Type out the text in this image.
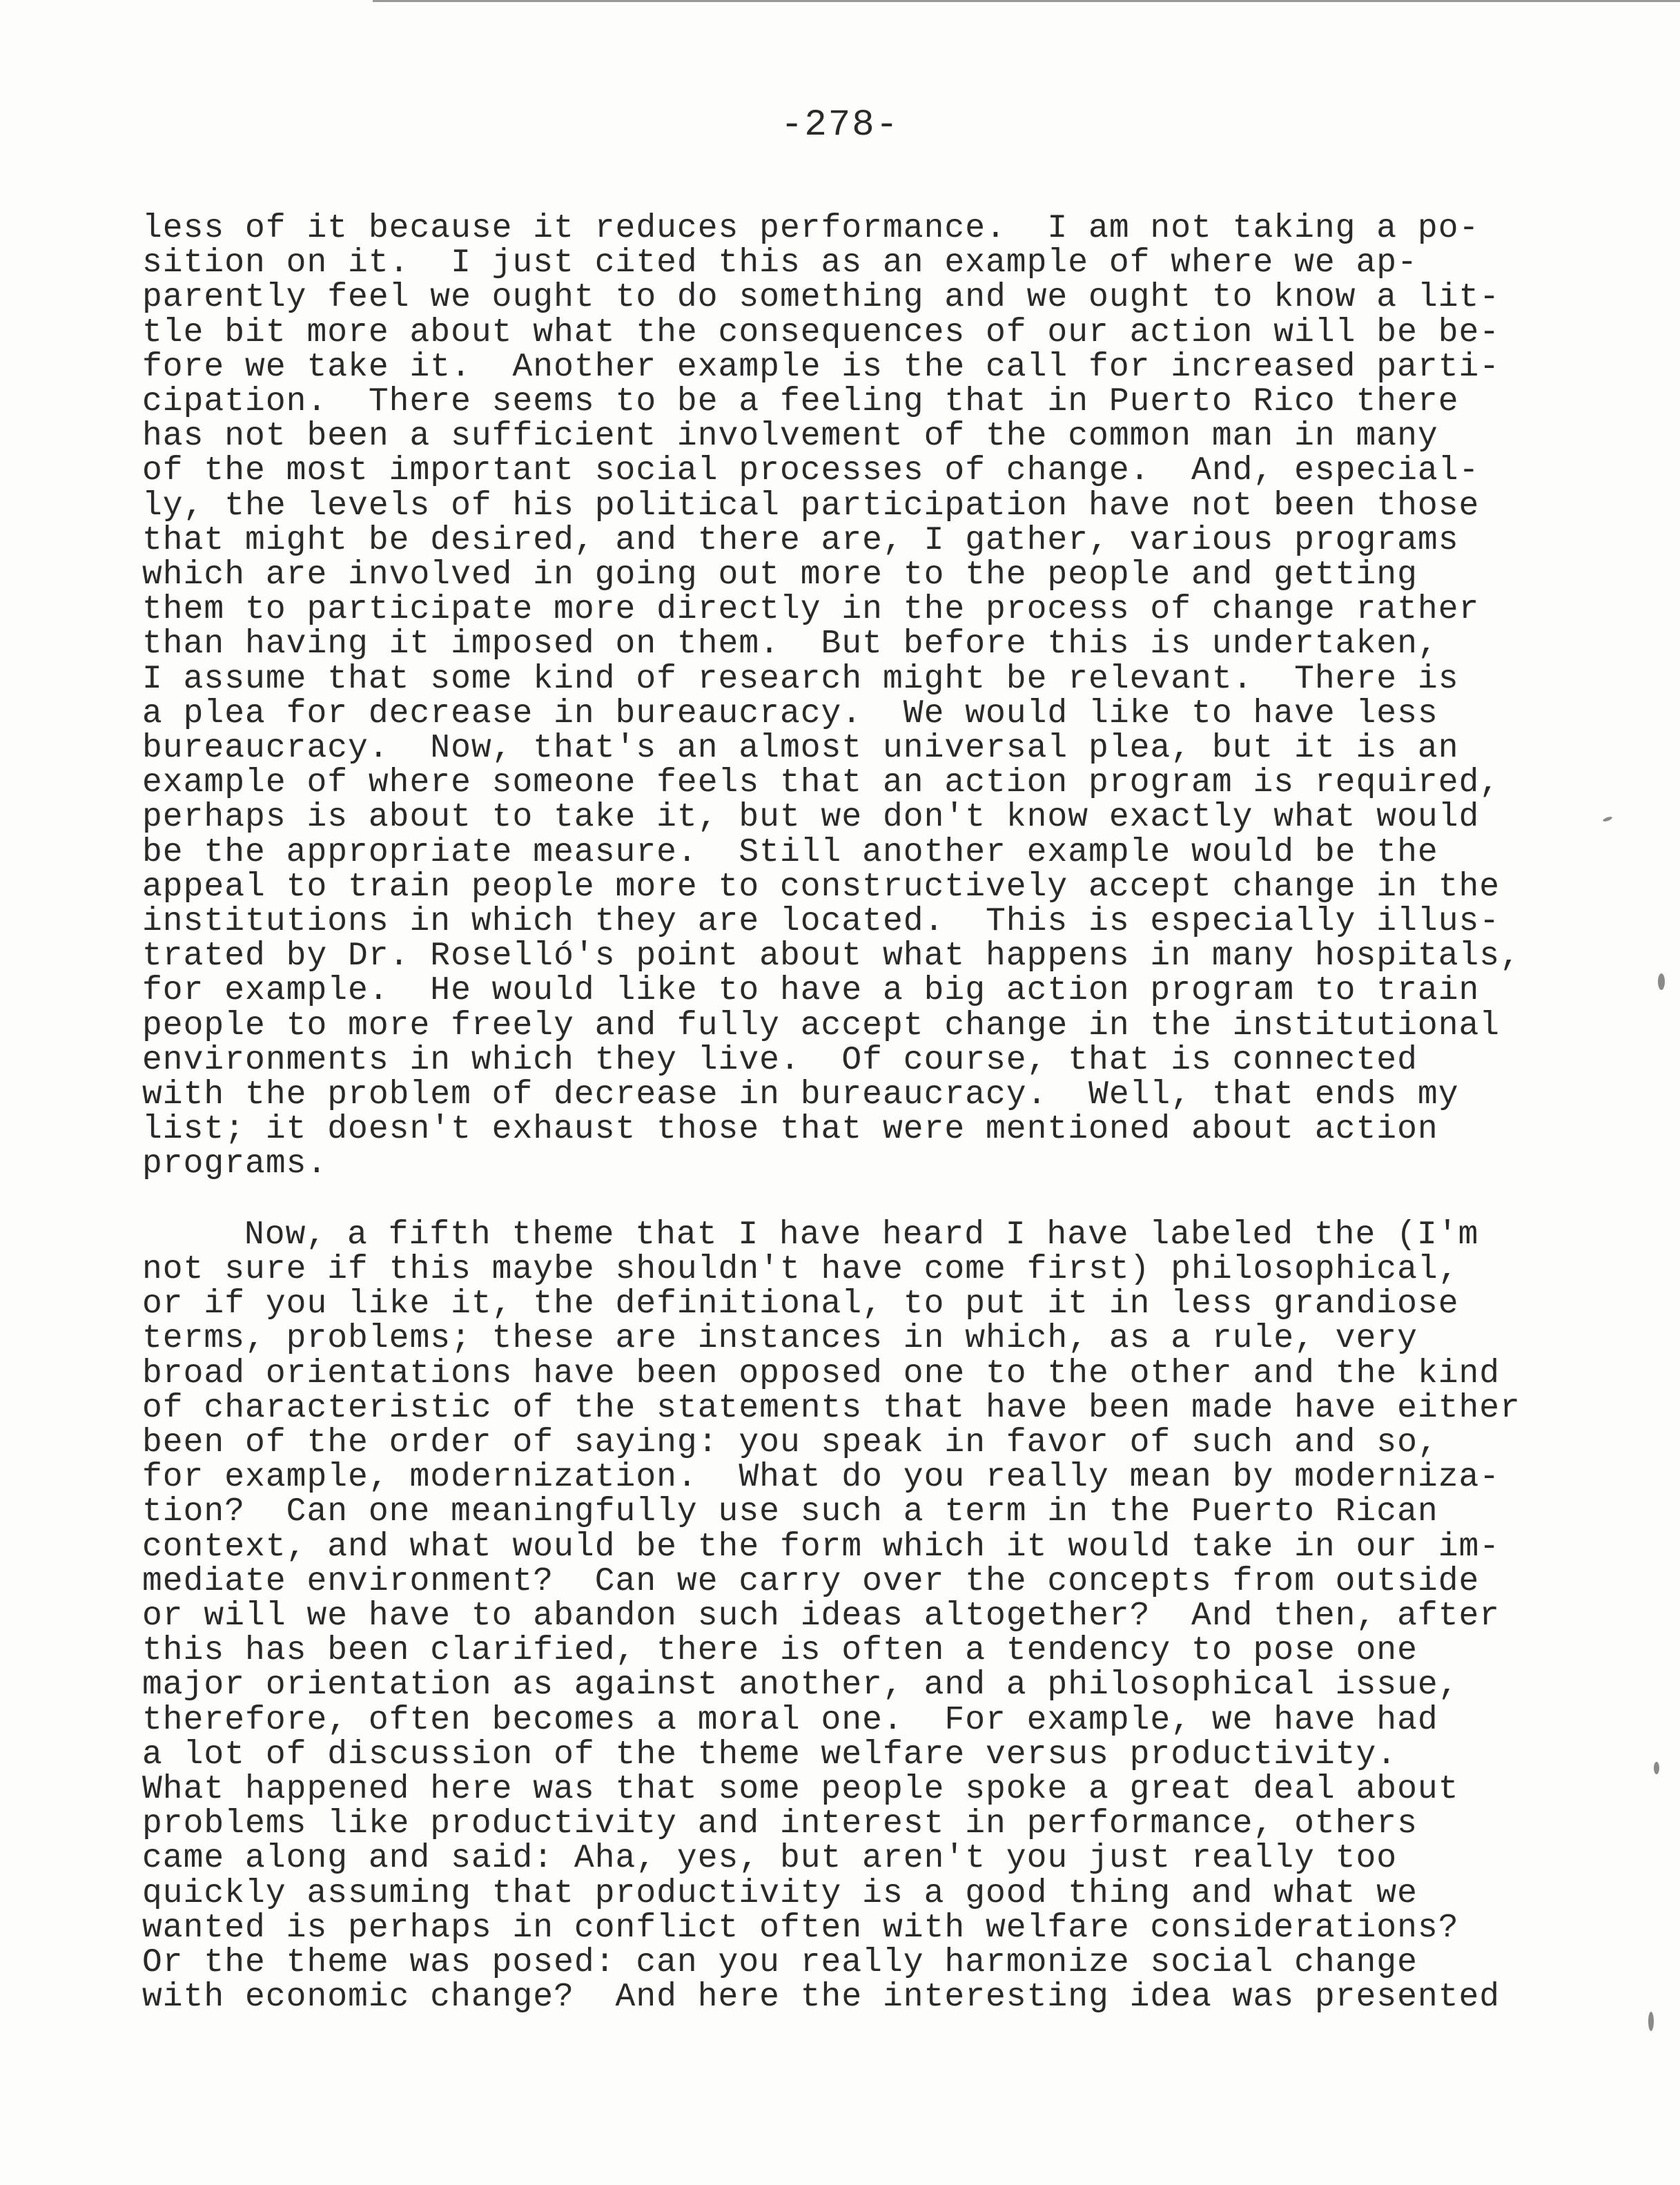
-278-
less of it because it reduces performance.  I am not taking a po-
sition on it.  I just cited this as an example of where we ap-
parently feel we ought to do something and we ought to know a lit-
tle bit more about what the consequences of our action will be be-
fore we take it.  Another example is the call for increased parti-
cipation.  There seems to be a feeling that in Puerto Rico there
has not been a sufficient involvement of the common man in many
of the most important social processes of change.  And, especial-
ly, the levels of his political participation have not been those
that might be desired, and there are, I gather, various programs
which are involved in going out more to the people and getting
them to participate more directly in the process of change rather
than having it imposed on them.  But before this is undertaken,
I assume that some kind of research might be relevant.  There is
a plea for decrease in bureaucracy.  We would like to have less
bureaucracy.  Now, that's an almost universal plea, but it is an
example of where someone feels that an action program is required,
perhaps is about to take it, but we don't know exactly what would
be the appropriate measure.  Still another example would be the
appeal to train people more to constructively accept change in the
institutions in which they are located.  This is especially illus-
trated by Dr. Roselló's point about what happens in many hospitals,
for example.  He would like to have a big action program to train
people to more freely and fully accept change in the institutional
environments in which they live.  Of course, that is connected
with the problem of decrease in bureaucracy.  Well, that ends my
list; it doesn't exhaust those that were mentioned about action
programs.
Now, a fifth theme that I have heard I have labeled the (I'm
not sure if this maybe shouldn't have come first) philosophical,
or if you like it, the definitional, to put it in less grandiose
terms, problems; these are instances in which, as a rule, very
broad orientations have been opposed one to the other and the kind
of characteristic of the statements that have been made have either
been of the order of saying: you speak in favor of such and so,
for example, modernization.  What do you really mean by moderniza-
tion?  Can one meaningfully use such a term in the Puerto Rican
context, and what would be the form which it would take in our im-
mediate environment?  Can we carry over the concepts from outside
or will we have to abandon such ideas altogether?  And then, after
this has been clarified, there is often a tendency to pose one
major orientation as against another, and a philosophical issue,
therefore, often becomes a moral one.  For example, we have had
a lot of discussion of the theme welfare versus productivity.
What happened here was that some people spoke a great deal about
problems like productivity and interest in performance, others
came along and said: Aha, yes, but aren't you just really too
quickly assuming that productivity is a good thing and what we
wanted is perhaps in conflict often with welfare considerations?
Or the theme was posed: can you really harmonize social change
with economic change?  And here the interesting idea was presented
